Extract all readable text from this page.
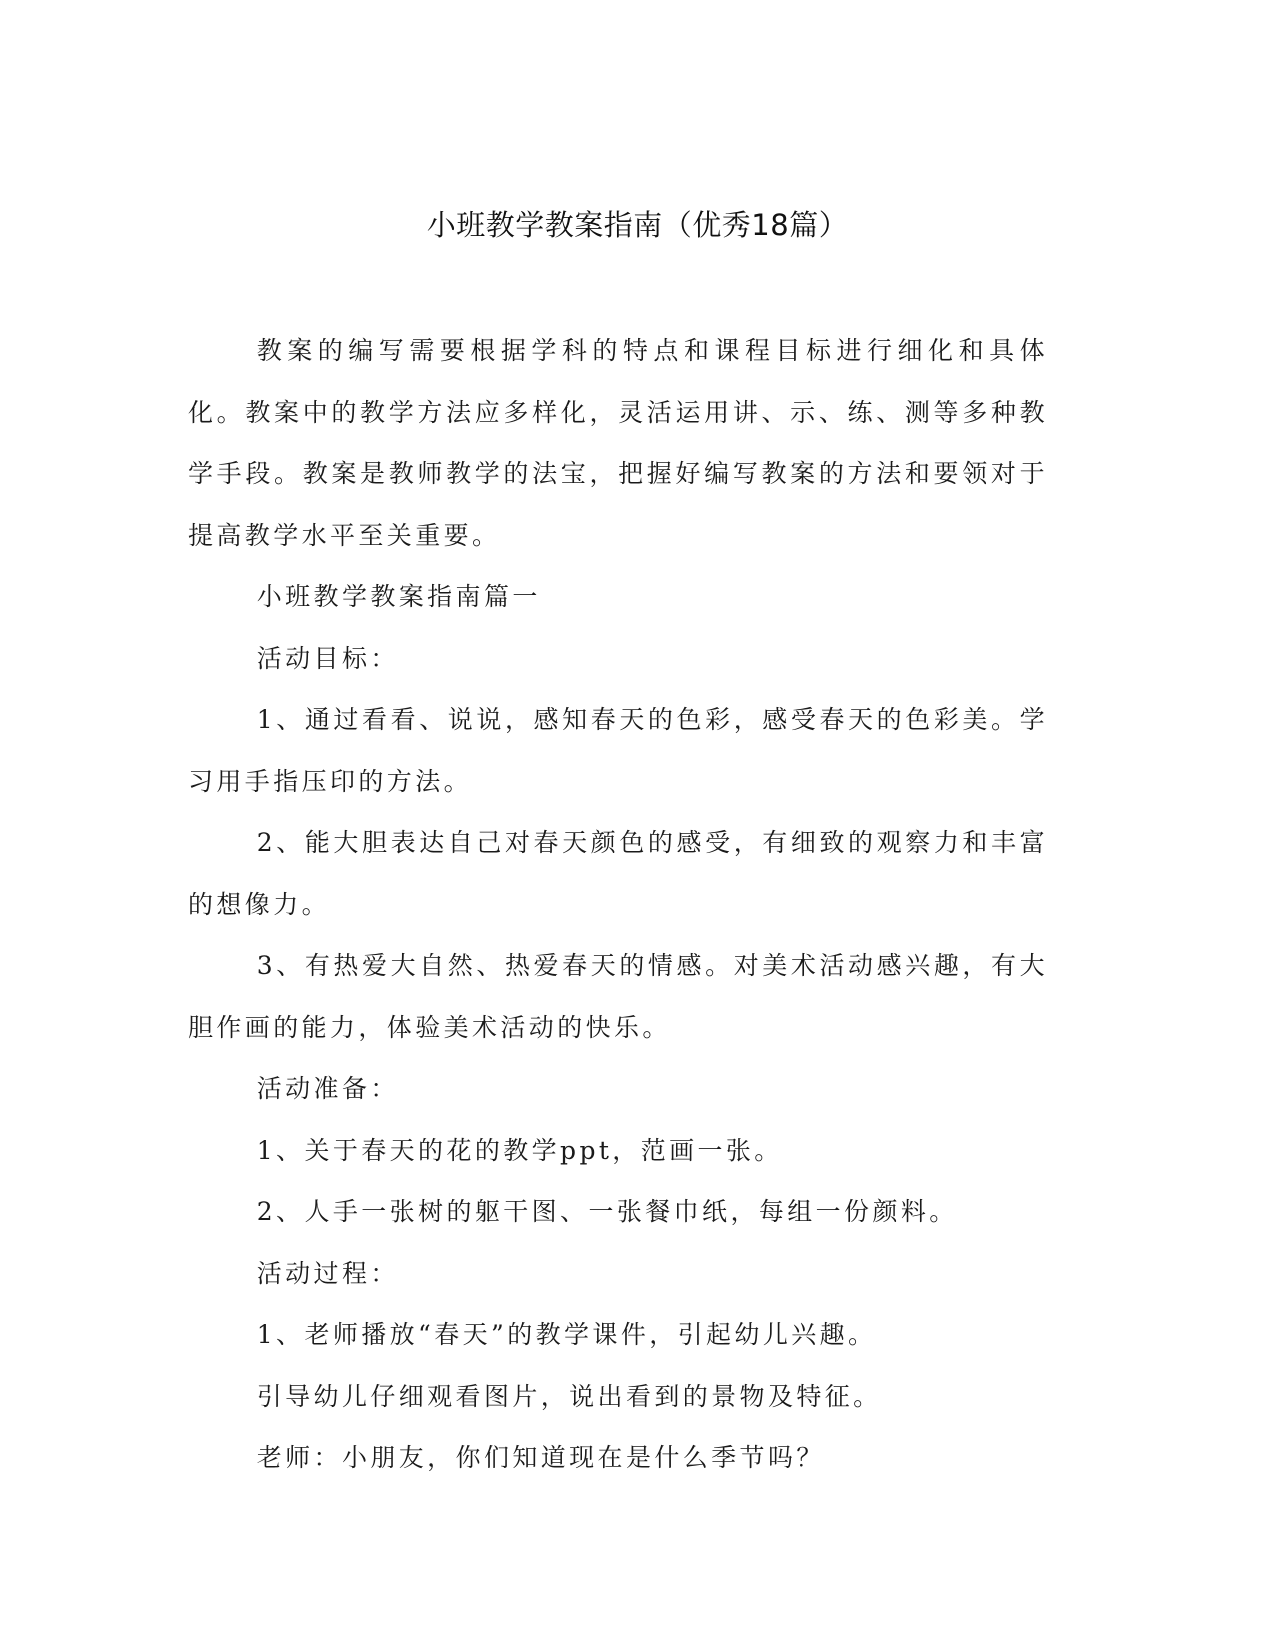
小班教学教案指南（优秀18篇）

教案的编写需要根据学科的特点和课程目标进行细化和具体化。教案中的教学方法应多样化，灵活运用讲、示、练、测等多种教学手段。教案是教师教学的法宝，把握好编写教案的方法和要领对于提高教学水平至关重要。

小班教学教案指南篇一

活动目标：

1、通过看看、说说，感知春天的色彩，感受春天的色彩美。学习用手指压印的方法。

2、能大胆表达自己对春天颜色的感受，有细致的观察力和丰富的想像力。

3、有热爱大自然、热爱春天的情感。对美术活动感兴趣，有大胆作画的能力，体验美术活动的快乐。

活动准备：

1、关于春天的花的教学ppt，范画一张。

2、人手一张树的躯干图、一张餐巾纸，每组一份颜料。

活动过程：

1、老师播放“春天”的教学课件，引起幼儿兴趣。

引导幼儿仔细观看图片，说出看到的景物及特征。

老师：小朋友，你们知道现在是什么季节吗？
